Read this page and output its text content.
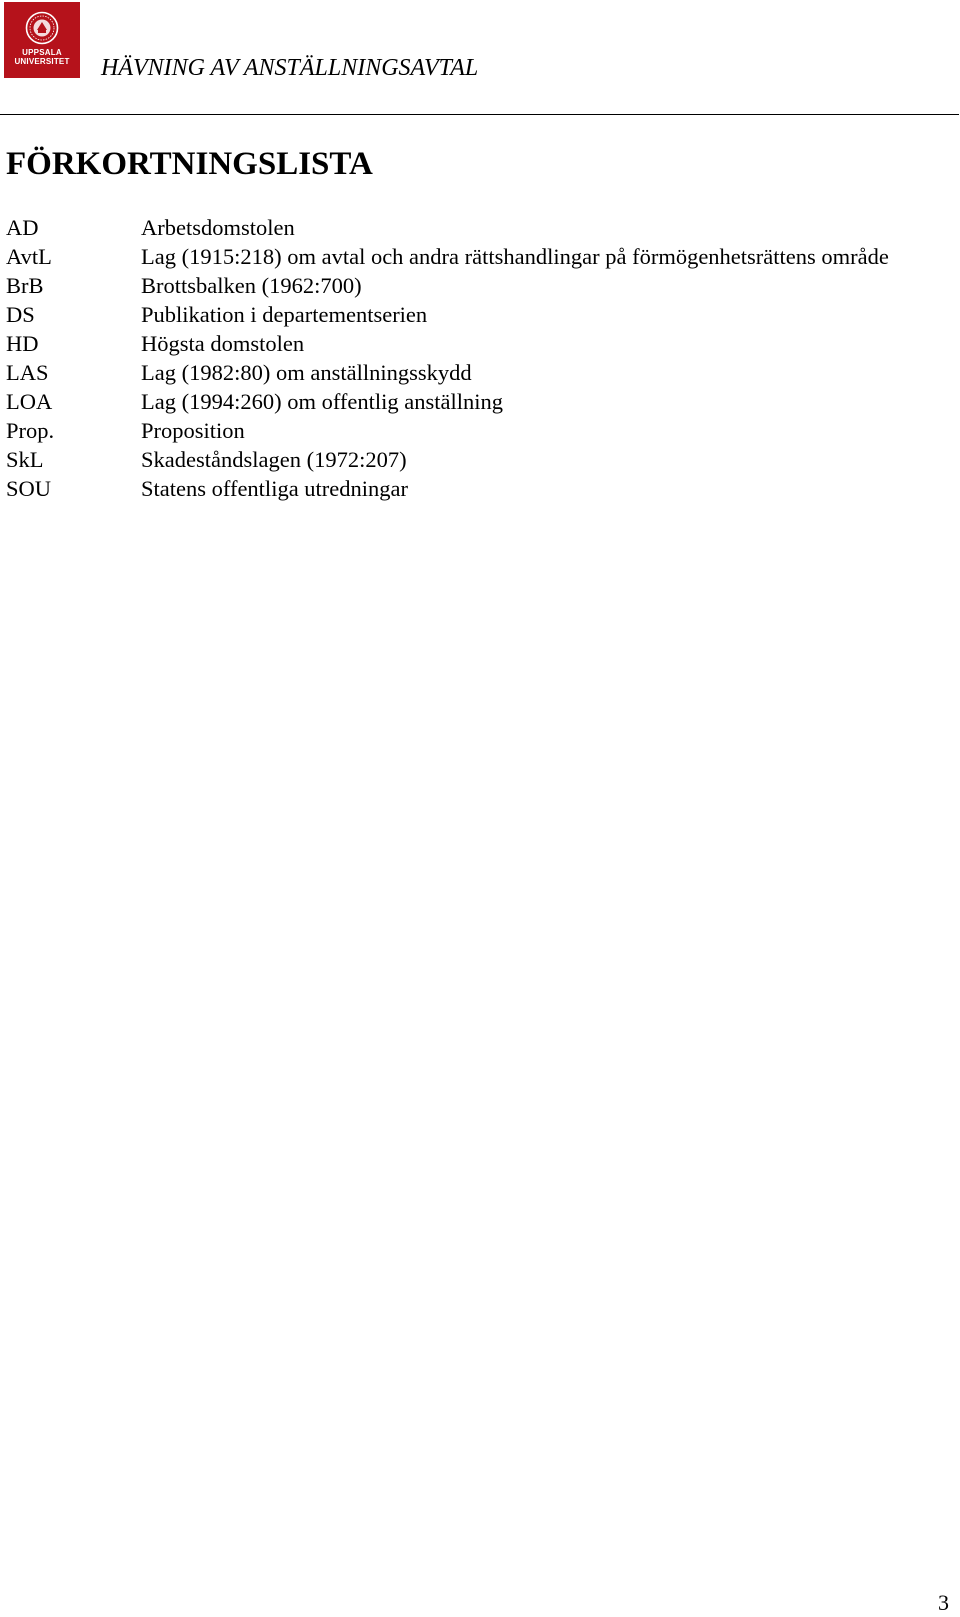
UPPSALA
UNIVERSITET HÄVNING AV ANSTÄLLNINGSAVTAL
FÖRKORTNINGSLISTA
AD	Arbetsdomstolen
AvtL	Lag (1915:218) om avtal och andra rättshandlingar på förmögenhetsrättens område
BrB	Brottsbalken (1962:700)
DS	Publikation i departementserien
HD	Högsta domstolen
LAS	Lag (1982:80) om anställningsskydd
LOA	Lag (1994:260) om offentlig anställning
Prop.	Proposition
SkL	Skadeståndslagen (1972:207)
SOU	Statens offentliga utredningar
3
